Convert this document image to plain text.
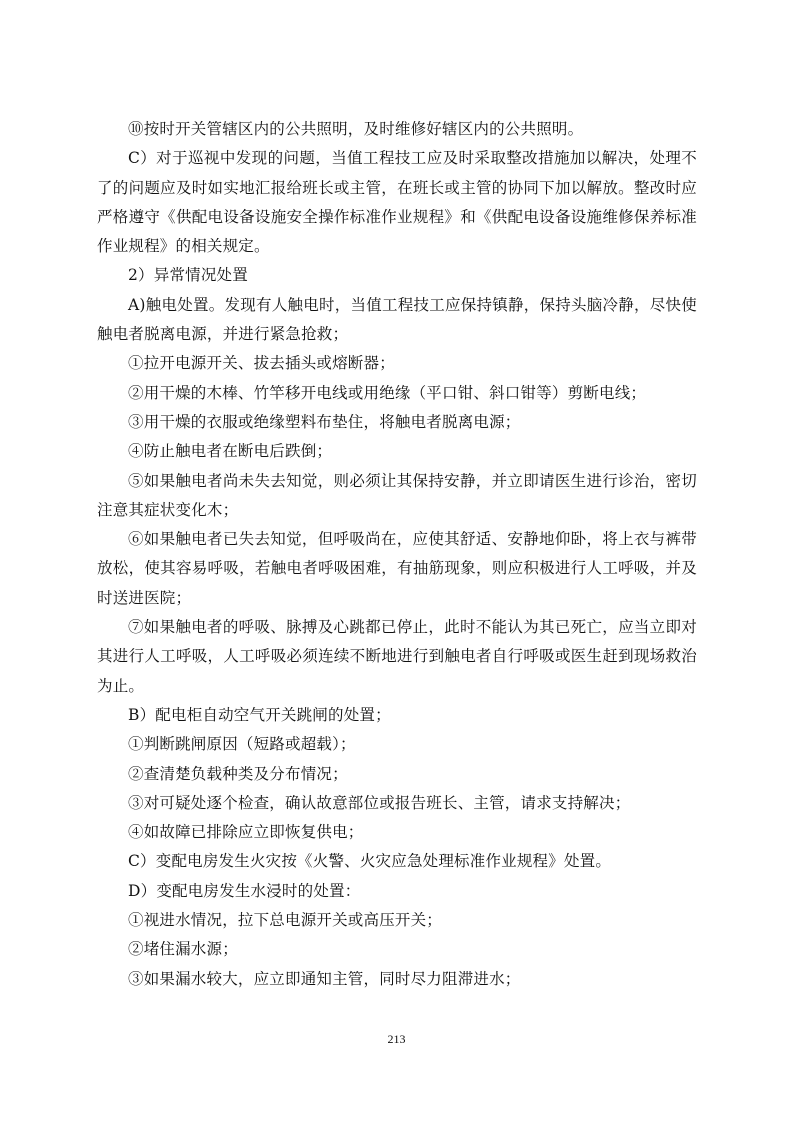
⑩按时开关管辖区内的公共照明，及时维修好辖区内的公共照明。

C）对于巡视中发现的问题，当值工程技工应及时采取整改措施加以解决，处理不了的问题应及时如实地汇报给班长或主管，在班长或主管的协同下加以解放。整改时应严格遵守《供配电设备设施安全操作标准作业规程》和《供配电设备设施维修保养标准作业规程》的相关规定。

2）异常情况处置

A)触电处置。发现有人触电时，当值工程技工应保持镇静，保持头脑冷静，尽快使触电者脱离电源，并进行紧急抢救；

①拉开电源开关、拔去插头或熔断器；

②用干燥的木棒、竹竿移开电线或用绝缘（平口钳、斜口钳等）剪断电线；

③用干燥的衣服或绝缘塑料布垫住，将触电者脱离电源；

④防止触电者在断电后跌倒；

⑤如果触电者尚未失去知觉，则必须让其保持安静，并立即请医生进行诊治，密切注意其症状变化木；

⑥如果触电者已失去知觉，但呼吸尚在，应使其舒适、安静地仰卧，将上衣与裤带放松，使其容易呼吸，若触电者呼吸困难，有抽筋现象，则应积极进行人工呼吸，并及时送进医院；

⑦如果触电者的呼吸、脉搏及心跳都已停止，此时不能认为其已死亡，应当立即对其进行人工呼吸，人工呼吸必须连续不断地进行到触电者自行呼吸或医生赶到现场救治为止。

B）配电柜自动空气开关跳闸的处置；

①判断跳闸原因（短路或超载）；

②查清楚负载种类及分布情况；

③对可疑处逐个检查，确认故意部位或报告班长、主管，请求支持解决；

④如故障已排除应立即恢复供电；

C）变配电房发生火灾按《火警、火灾应急处理标准作业规程》处置。

D）变配电房发生水浸时的处置：

①视进水情况，拉下总电源开关或高压开关；

②堵住漏水源；

③如果漏水较大，应立即通知主管，同时尽力阻滞进水；

213
